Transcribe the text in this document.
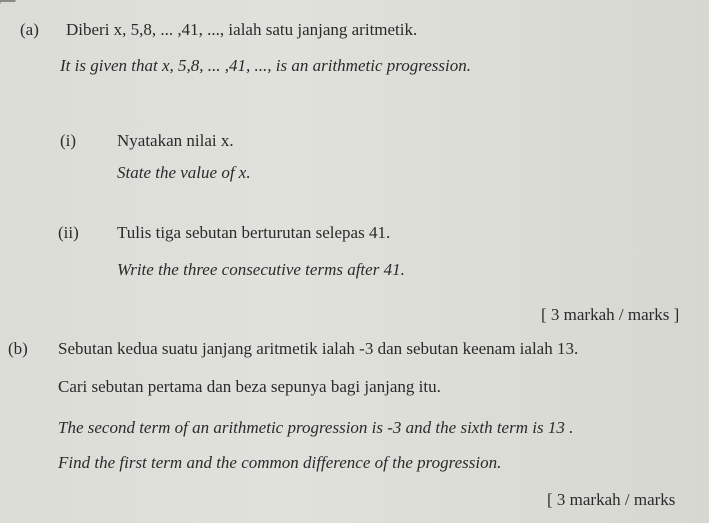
(a) Diberi x, 5,8, ... ,41, ..., ialah satu janjang aritmetik.
It is given that x, 5,8, ... ,41, ..., is an arithmetic progression.
(i) Nyatakan nilai x.
State the value of x.
(ii) Tulis tiga sebutan berturutan selepas 41.
Write the three consecutive terms after 41.
[ 3 markah / marks ]
(b) Sebutan kedua suatu janjang aritmetik ialah -3 dan sebutan keenam ialah 13.
Cari sebutan pertama dan beza sepunya bagi janjang itu.
The second term of an arithmetic progression is -3 and the sixth term is 13 .
Find the first term and the common difference of the progression.
[ 3 markah / marks
